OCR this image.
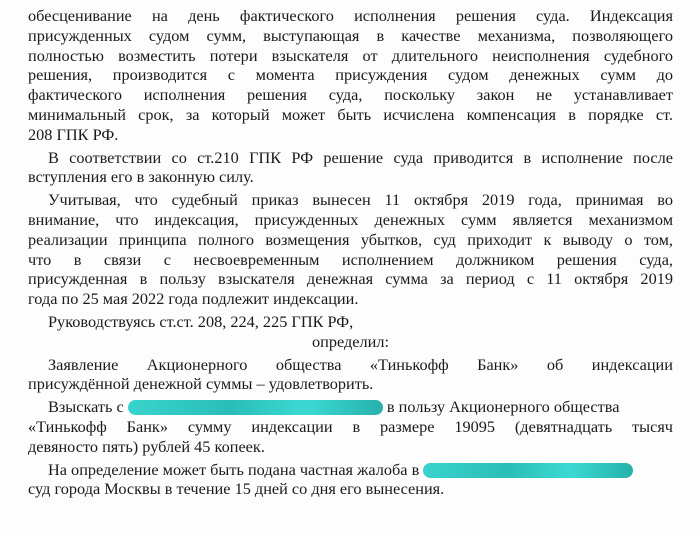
обесценивание на день фактического исполнения решения суда. Индексация
присужденных судом сумм, выступающая в качестве механизма, позволяющего
полностью возместить потери взыскателя от длительного неисполнения судебного
решения, производится с момента присуждения судом денежных сумм до
фактического исполнения решения суда, поскольку закон не устанавливает
минимальный срок, за который может быть исчислена компенсация в порядке ст.
208 ГПК РФ.
В соответствии со ст.210 ГПК РФ решение суда приводится в исполнение после
вступления его в законную силу.
Учитывая, что судебный приказ вынесен 11 октября 2019 года, принимая во
внимание, что индексация, присужденных денежных сумм является механизмом
реализации принципа полного возмещения убытков, суд приходит к выводу о том,
что в связи с несвоевременным исполнением должником решения суда,
присужденная в пользу взыскателя денежная сумма за период с 11 октября 2019
года по 25 мая 2022 года подлежит индексации.
Руководствуясь ст.ст. 208, 224, 225 ГПК РФ,
определил:
Заявление Акционерного общества «Тинькофф Банк» об индексации
присуждённой денежной суммы – удовлетворить.
Взыскать с	в пользу Акционерного общества
«Тинькофф Банк» сумму индексации в размере 19095 (девятнадцать тысяч
девяносто пять) рублей 45 копеек.
На определение может быть подана частная жалоба в
суд города Москвы в течение 15 дней со дня его вынесения.
